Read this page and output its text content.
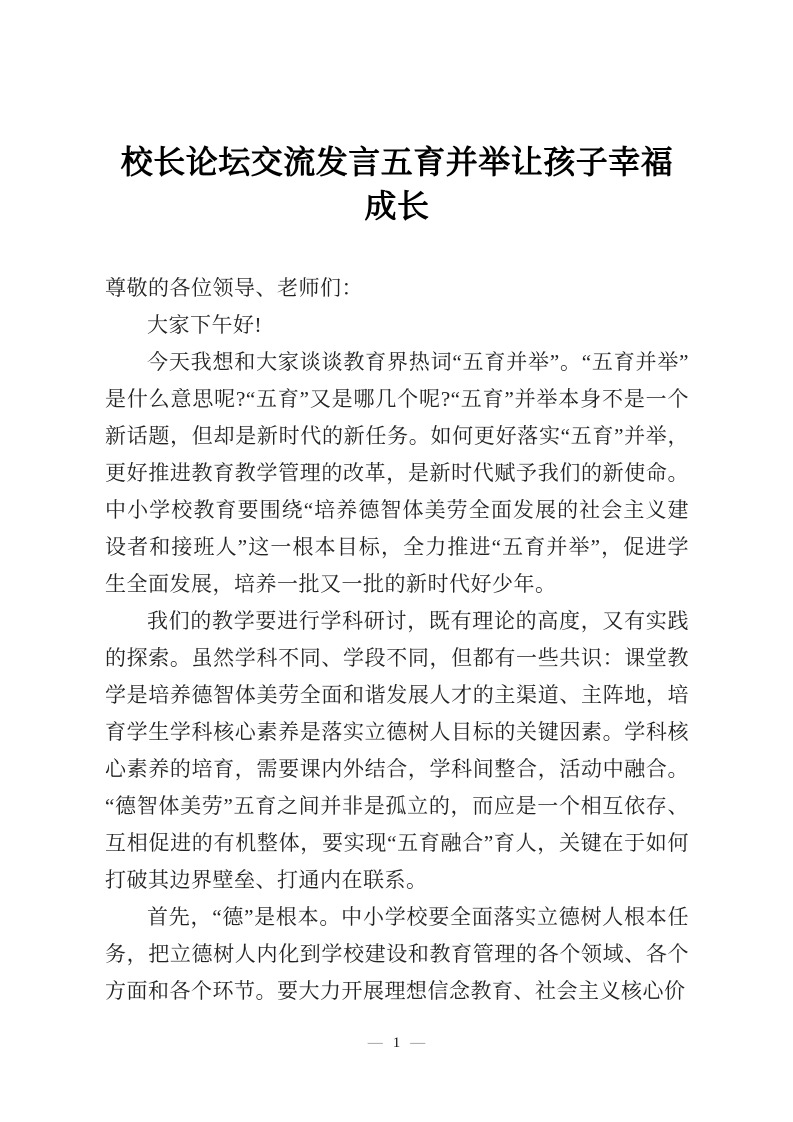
校长论坛交流发言五育并举让孩子幸福成长

尊敬的各位领导、老师们：

大家下午好!

今天我想和大家谈谈教育界热词“五育并举”。“五育并举”是什么意思呢?“五育”又是哪几个呢?“五育”并举本身不是一个新话题，但却是新时代的新任务。如何更好落实“五育”并举，更好推进教育教学管理的改革，是新时代赋予我们的新使命。中小学校教育要围绕“培养德智体美劳全面发展的社会主义建设者和接班人”这一根本目标，全力推进“五育并举”，促进学生全面发展，培养一批又一批的新时代好少年。

我们的教学要进行学科研讨，既有理论的高度，又有实践的探索。虽然学科不同、学段不同，但都有一些共识：课堂教学是培养德智体美劳全面和谐发展人才的主渠道、主阵地，培育学生学科核心素养是落实立德树人目标的关键因素。学科核心素养的培育，需要课内外结合，学科间整合，活动中融合。“德智体美劳”五育之间并非是孤立的，而应是一个相互依存、互相促进的有机整体，要实现“五育融合”育人，关键在于如何打破其边界壁垒、打通内在联系。

首先，“德”是根本。中小学校要全面落实立德树人根本任务，把立德树人内化到学校建设和教育管理的各个领域、各个方面和各个环节。要大力开展理想信念教育、社会主义核心价

— 1 —
